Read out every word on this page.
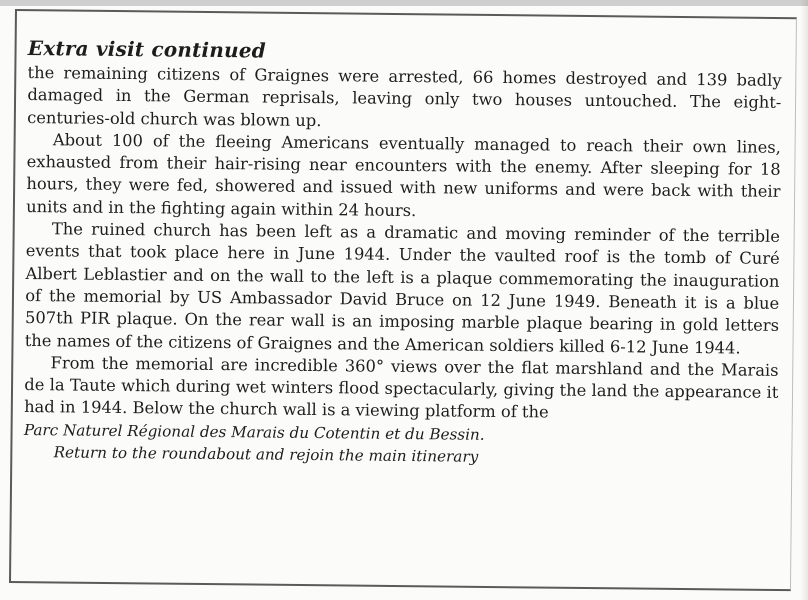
Extra visit continued

the remaining citizens of Graignes were arrested, 66 homes destroyed and 139 badly damaged in the German reprisals, leaving only two houses untouched. The eight-centuries-old church was blown up.

About 100 of the fleeing Americans eventually managed to reach their own lines, exhausted from their hair-rising near encounters with the enemy. After sleeping for 18 hours, they were fed, showered and issued with new uniforms and were back with their units and in the fighting again within 24 hours.

The ruined church has been left as a dramatic and moving reminder of the terrible events that took place here in June 1944. Under the vaulted roof is the tomb of Curé Albert Leblastier and on the wall to the left is a plaque commemorating the inauguration of the memorial by US Ambassador David Bruce on 12 June 1949. Beneath it is a blue 507th PIR plaque. On the rear wall is an imposing marble plaque bearing in gold letters the names of the citizens of Graignes and the American soldiers killed 6-12 June 1944.

From the memorial are incredible 360° views over the flat marshland and the Marais de la Taute which during wet winters flood spectacularly, giving the land the appearance it had in 1944. Below the church wall is a viewing platform of the

Parc Naturel Régional des Marais du Cotentin et du Bessin.

Return to the roundabout and rejoin the main itinerary
